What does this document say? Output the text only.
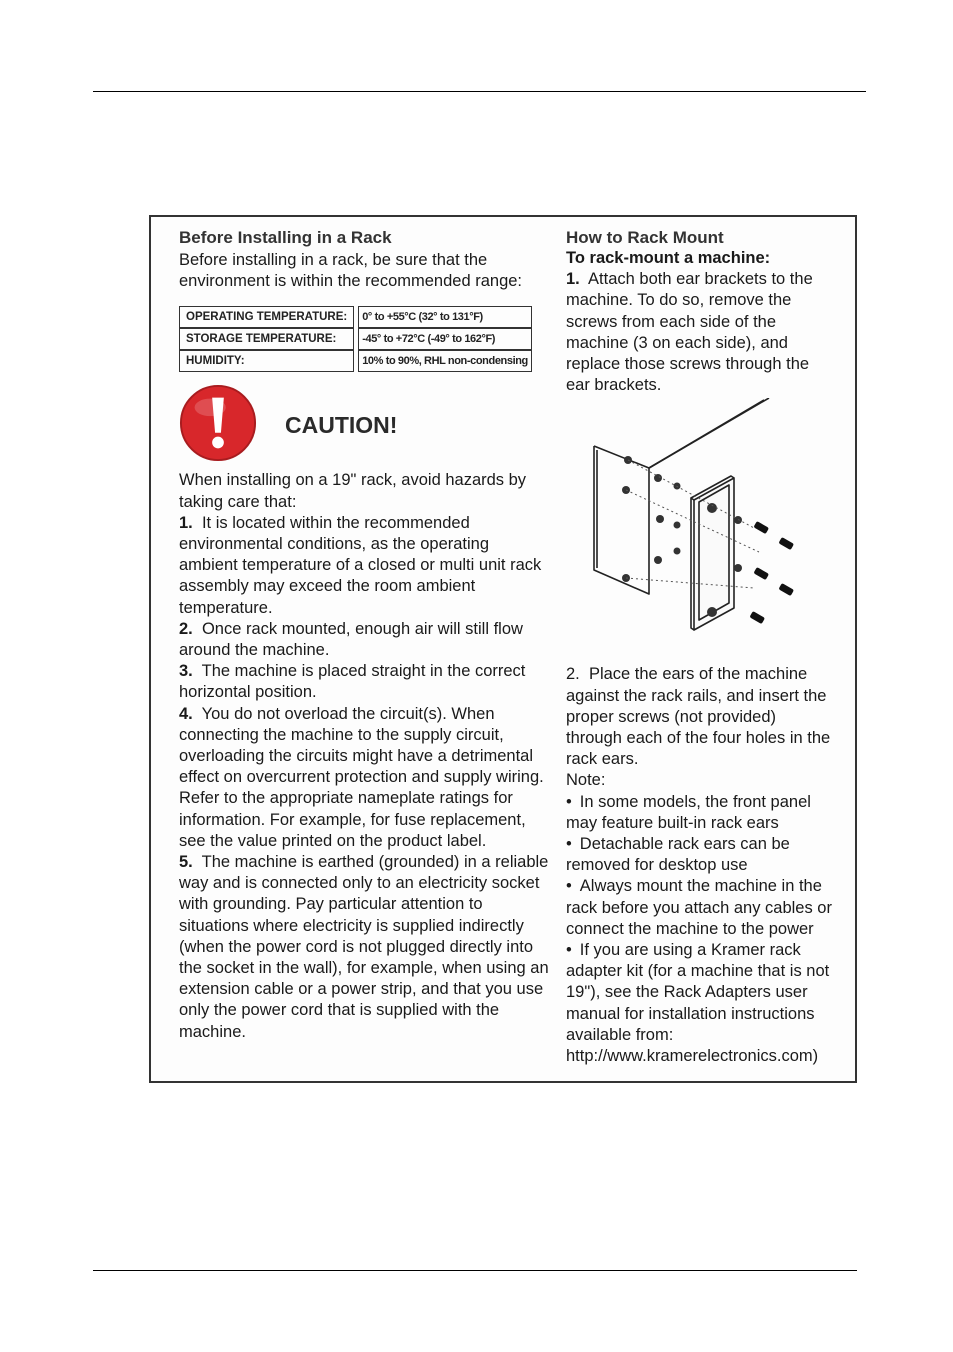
Before Installing in a Rack

Before installing in a rack, be sure that the environment is within the recommended range:

OPERATING TEMPERATURE:	0° to +55°C (32° to 131°F)
STORAGE TEMPERATURE:	-45° to +72°C (-49° to 162°F)
HUMIDITY:	10% to 90%, RHL non-condensing
CAUTION!

When installing on a 19" rack, avoid hazards by taking care that:

1. It is located within the recommended environmental conditions, as the operating ambient temperature of a closed or multi unit rack assembly may exceed the room ambient temperature.

2. Once rack mounted, enough air will still flow around the machine.

3. The machine is placed straight in the correct horizontal position.

4. You do not overload the circuit(s). When connecting the machine to the supply circuit, overloading the circuits might have a detrimental effect on overcurrent protection and supply wiring. Refer to the appropriate nameplate ratings for information. For example, for fuse replacement, see the value printed on the product label.

5. The machine is earthed (grounded) in a reliable way and is connected only to an electricity socket with grounding. Pay particular attention to situations where electricity is supplied indirectly (when the power cord is not plugged directly into the socket in the wall), for example, when using an extension cable or a power strip, and that you use only the power cord that is supplied with the machine.

How to Rack Mount

To rack-mount a machine:

1. Attach both ear brackets to the machine. To do so, remove the screws from each side of the machine (3 on each side), and replace those screws through the ear brackets.

2. Place the ears of the machine against the rack rails, and insert the proper screws (not provided) through each of the four holes in the rack ears.

Note:

• In some models, the front panel may feature built-in rack ears

• Detachable rack ears can be removed for desktop use

• Always mount the machine in the rack before you attach any cables or connect the machine to the power

• If you are using a Kramer rack adapter kit (for a machine that is not 19"), see the Rack Adapters user manual for installation instructions available from: http://www.kramerelectronics.com)
